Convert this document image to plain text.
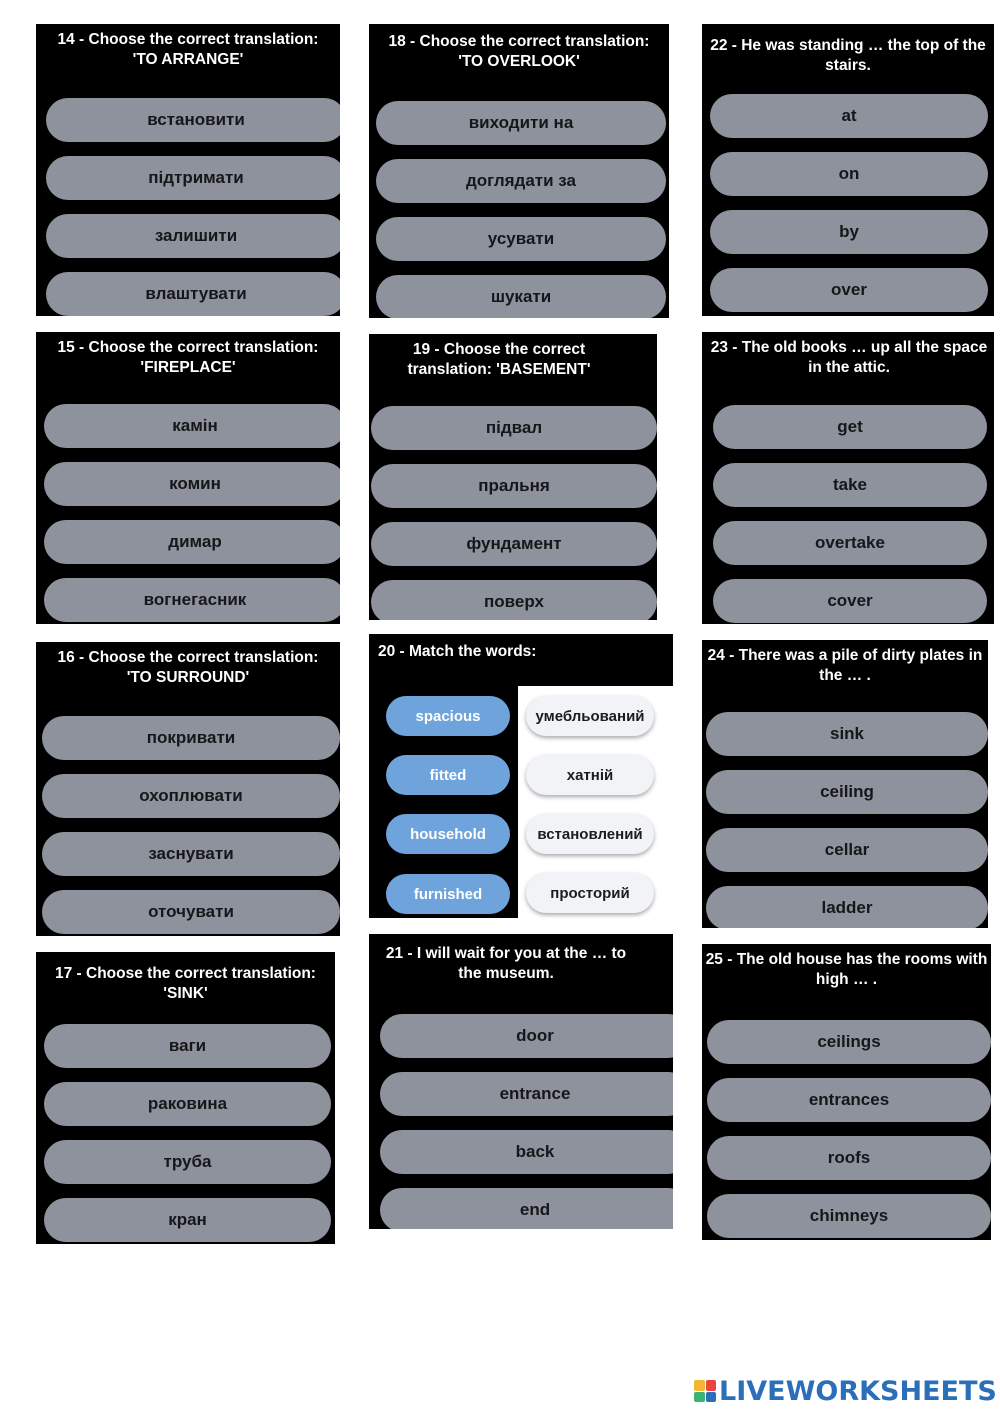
14 - Choose the correct translation: 'TO ARRANGE'
встановити
підтримати
залишити
влаштувати
15 - Choose the correct translation: 'FIREPLACE'
камін
комин
димар
вогнегасник
16 - Choose the correct translation: 'TO SURROUND'
покривати
охоплювати
заснувати
оточувати
17 - Choose the correct translation: 'SINK'
ваги
раковина
труба
кран
18 - Choose the correct translation: 'TO OVERLOOK'
виходити на
доглядати за
усувати
шукати
19 - Choose the correct translation: 'BASEMENT'
підвал
пральня
фундамент
поверх
20 - Match the words:
spacious
fitted
household
furnished
умебльований
хатній
встановлений
просторий
21 - I will wait for you at the … to the museum.
door
entrance
back
end
22 - He was standing … the top of the stairs.
at
on
by
over
23 - The old books … up all the space in the attic.
get
take
overtake
cover
24 - There was a pile of dirty plates in the … .
sink
ceiling
cellar
ladder
25 - The old house has the rooms with high … .
ceilings
entrances
roofs
chimneys
LIVEWORKSHEETS
